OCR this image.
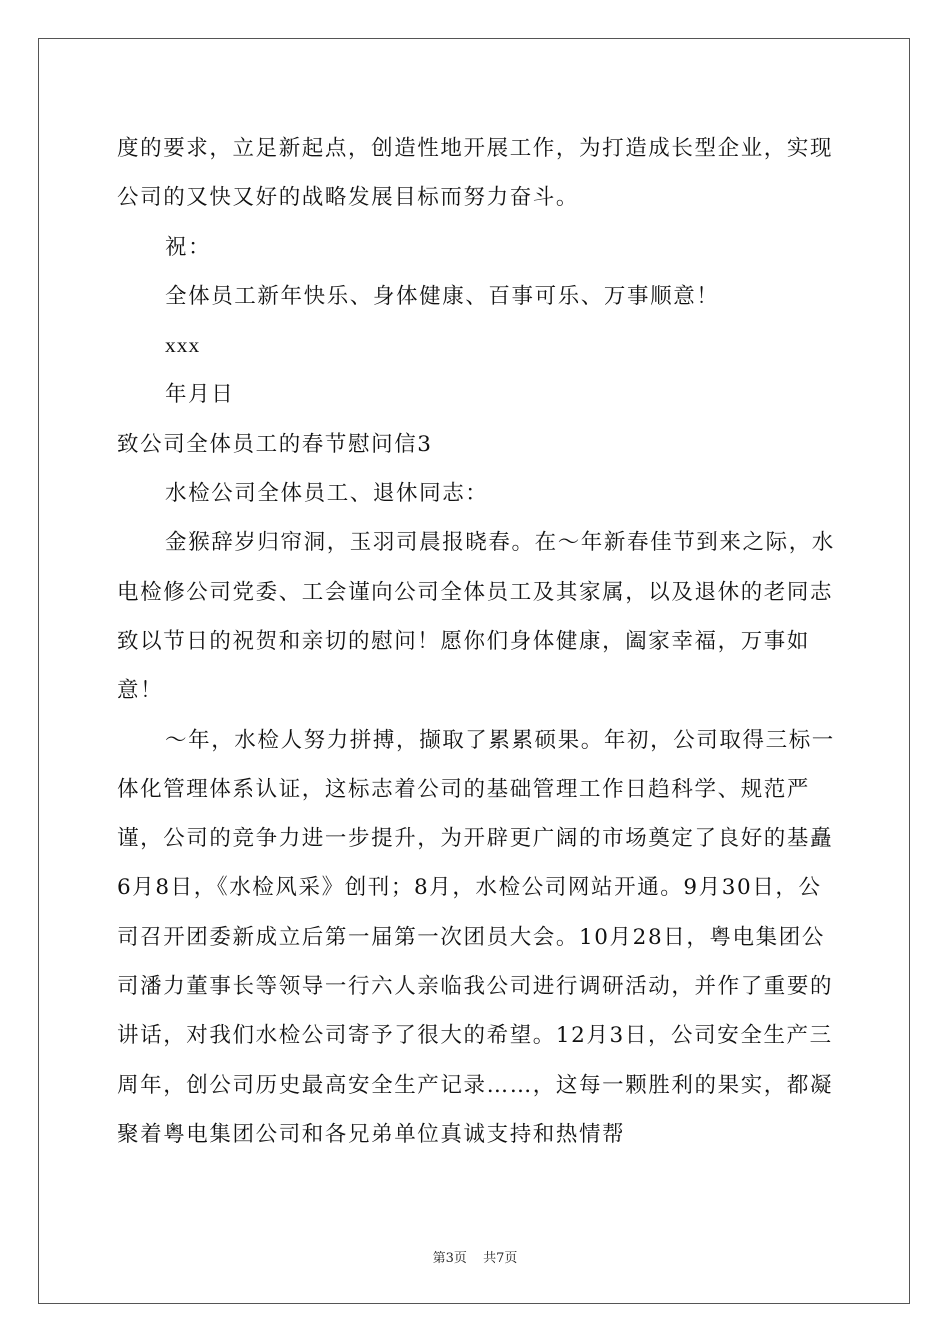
度的要求，立足新起点，创造性地开展工作，为打造成长型企业，实现公司的又快又好的战略发展目标而努力奋斗。

祝：

全体员工新年快乐、身体健康、百事可乐、万事顺意！

xxx

年月日

致公司全体员工的春节慰问信3

水检公司全体员工、退休同志：

金猴辞岁归帘洞，玉羽司晨报晓春。在～年新春佳节到来之际，水电检修公司党委、工会谨向公司全体员工及其家属，以及退休的老同志致以节日的祝贺和亲切的慰问！愿你们身体健康，阖家幸福，万事如意！

～年，水检人努力拼搏，撷取了累累硕果。年初，公司取得三标一体化管理体系认证，这标志着公司的基础管理工作日趋科学、规范严谨，公司的竞争力进一步提升，为开辟更广阔的市场奠定了良好的基矗6月8日，《水检风采》创刊；8月，水检公司网站开通。9月30日，公司召开团委新成立后第一届第一次团员大会。10月28日，粤电集团公司潘力董事长等领导一行六人亲临我公司进行调研活动，并作了重要的讲话，对我们水检公司寄予了很大的希望。12月3日，公司安全生产三周年，创公司历史最高安全生产记录……，这每一颗胜利的果实，都凝聚着粤电集团公司和各兄弟单位真诚支持和热情帮

第3页 共7页
